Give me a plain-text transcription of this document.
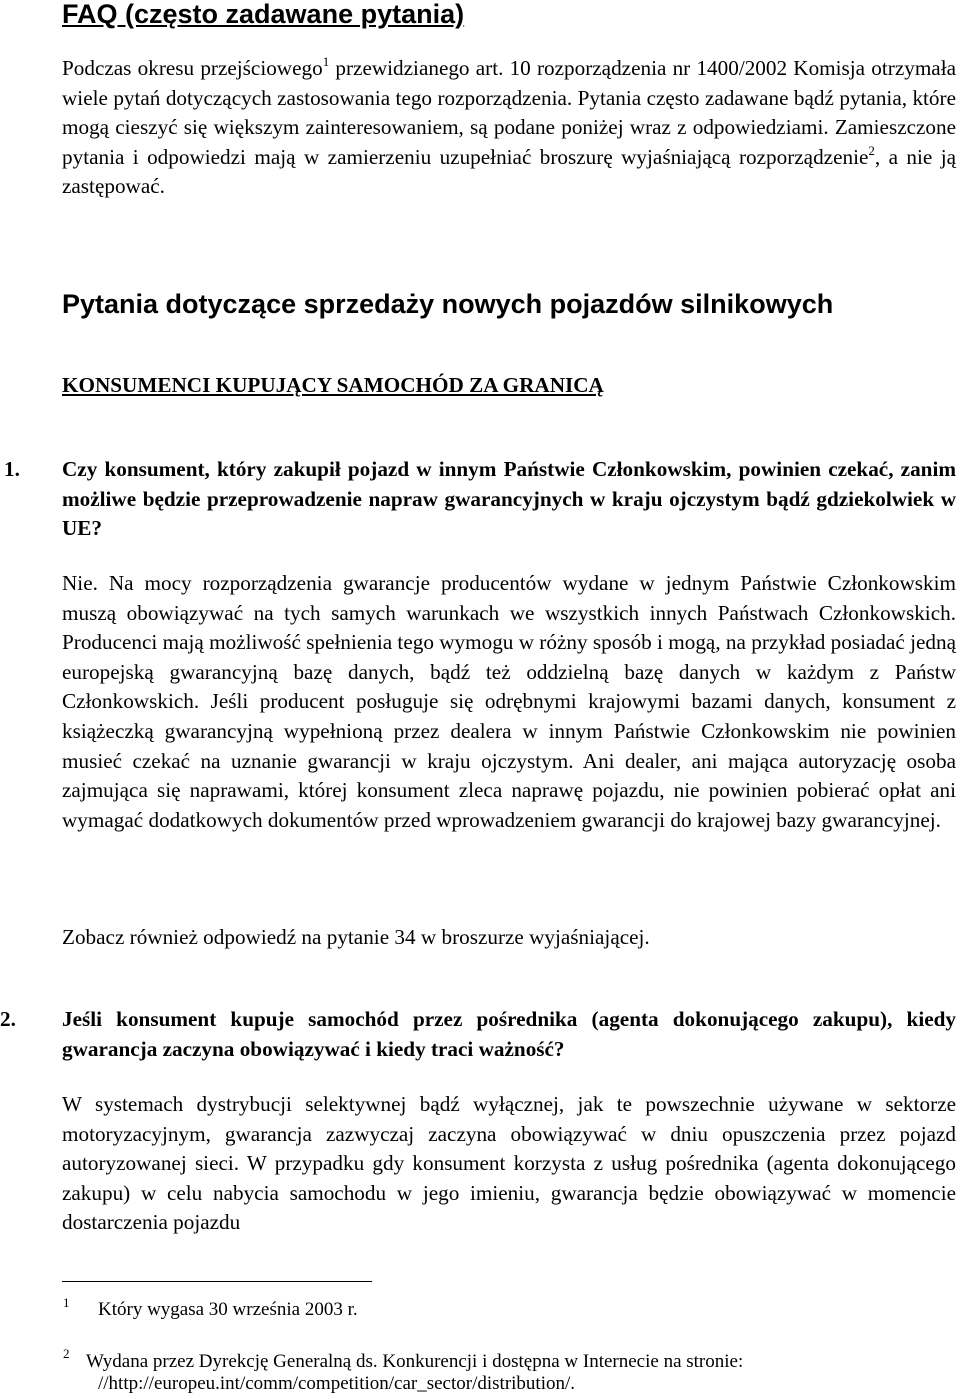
FAQ (często zadawane pytania)

Podczas okresu przejściowego$^1$ przewidzianego art. 10 rozporządzenia nr 1400/2002 Komisja otrzymała wiele pytań dotyczących zastosowania tego rozporządzenia. Pytania często zadawane bądź pytania, które mogą cieszyć się większym zainteresowaniem, są podane poniżej wraz z odpowiedziami. Zamieszczone pytania i odpowiedzi mają w zamierzeniu uzupełniać broszurę wyjaśniającą rozporządzenie$^2$, a nie ją zastępować.

Pytania dotyczące sprzedaży nowych pojazdów silnikowych
KONSUMENCI KUPUJĄCY SAMOCHÓD ZA GRANICĄ
1. Czy konsument, który zakupił pojazd w innym Państwie Członkowskim, powinien czekać, zanim możliwe będzie przeprowadzenie napraw gwarancyjnych w kraju ojczystym bądź gdziekolwiek w UE?

Nie. Na mocy rozporządzenia gwarancje producentów wydane w jednym Państwie Członkowskim muszą obowiązywać na tych samych warunkach we wszystkich innych Państwach Członkowskich. Producenci mają możliwość spełnienia tego wymogu w różny sposób i mogą, na przykład posiadać jedną europejską gwarancyjną bazę danych, bądź też oddzielną bazę danych w każdym z Państw Członkowskich. Jeśli producent posługuje się odrębnymi krajowymi bazami danych, konsument z książeczką gwarancyjną wypełnioną przez dealera w innym Państwie Członkowskim nie powinien musieć czekać na uznanie gwarancji w kraju ojczystym. Ani dealer, ani mająca autoryzację osoba zajmująca się naprawami, której konsument zleca naprawę pojazdu, nie powinien pobierać opłat ani wymagać dodatkowych dokumentów przed wprowadzeniem gwarancji do krajowej bazy gwarancyjnej.

Zobacz również odpowiedź na pytanie 34 w broszurze wyjaśniającej.

2. Jeśli konsument kupuje samochód przez pośrednika (agenta dokonującego zakupu), kiedy gwarancja zaczyna obowiązywać i kiedy traci ważność?

W systemach dystrybucji selektywnej bądź wyłącznej, jak te powszechnie używane w sektorze motoryzacyjnym, gwarancja zazwyczaj zaczyna obowiązywać w dniu opuszczenia przez pojazd autoryzowanej sieci. W przypadku gdy konsument korzysta z usług pośrednika (agenta dokonującego zakupu) w celu nabycia samochodu w jego imieniu, gwarancja będzie obowiązywać w momencie dostarczenia pojazdu

1 Który wygasa 30 września 2003 r.
2 Wydana przez Dyrekcję Generalną ds. Konkurencji i dostępna w Internecie na stronie:
//http://europeu.int/comm/competition/car_sector/distribution/.
